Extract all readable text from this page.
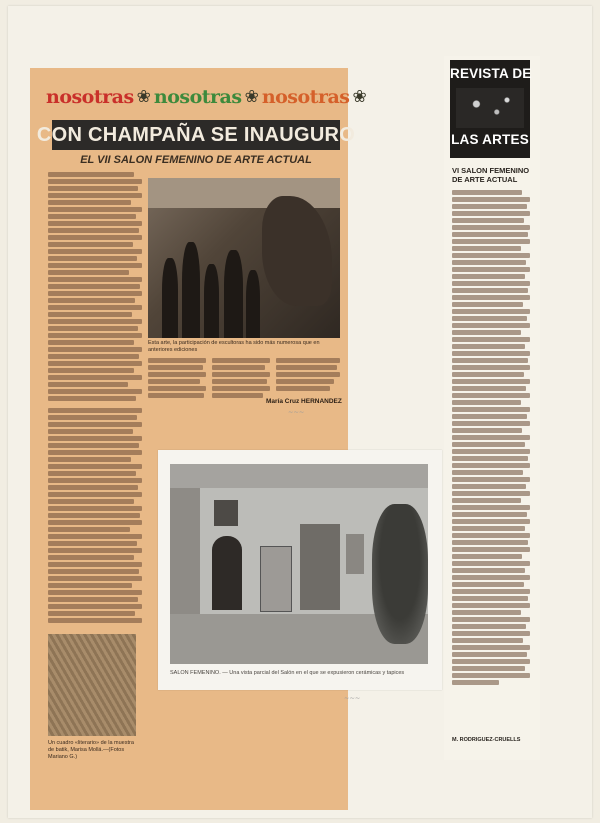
nosotras ❀ nosotras ❀ nosotras ❀
CON CHAMPAÑA SE INAUGURO
EL VII SALON FEMENINO DE ARTE ACTUAL
Esta arte, la participación de escultoras ha sido más numerosa que en anteriores ediciones
María Cruz HERNANDEZ
Un cuadro «literario» de la muestra de batik, Marisa Mollá.—(Fotos Mariano G.)
~~~
~~~
SALON FEMENINO. — Una vista parcial del Salón en el que se expusieron cerámicas y tapices
REVISTA DE
LAS ARTES
VI SALON FEMENINO DE ARTE ACTUAL
M. RODRIGUEZ-CRUELLS
